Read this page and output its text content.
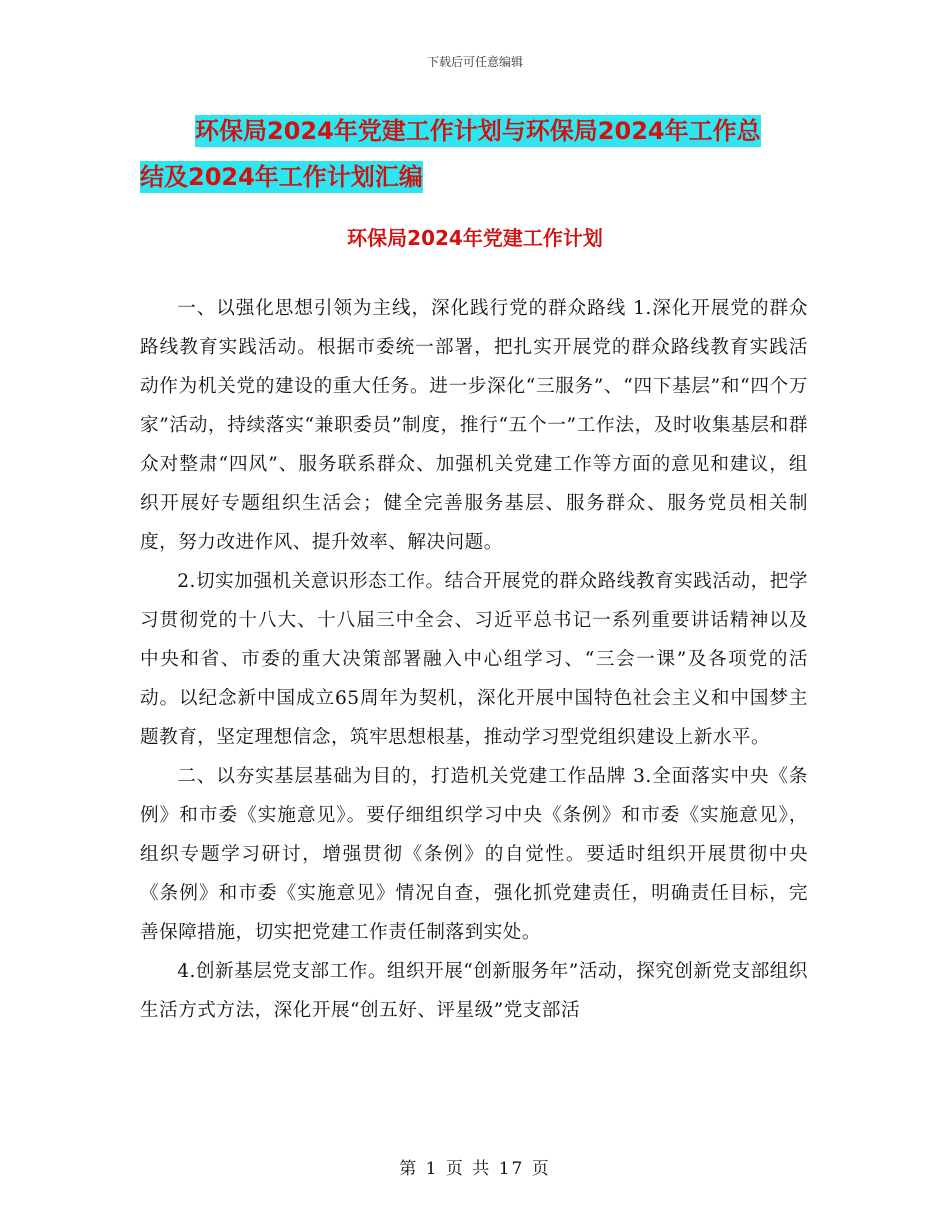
下载后可任意编辑
环保局2024年党建工作计划与环保局2024年工作总
结及2024年工作计划汇编
环保局2024年党建工作计划

一、以强化思想引领为主线，深化践行党的群众路线 1.深化开展党的群众路线教育实践活动。根据市委统一部署，把扎实开展党的群众路线教育实践活动作为机关党的建设的重大任务。进一步深化“三服务”、“四下基层”和“四个万家”活动，持续落实“兼职委员”制度，推行“五个一”工作法，及时收集基层和群众对整肃“四风”、服务联系群众、加强机关党建工作等方面的意见和建议，组织开展好专题组织生活会；健全完善服务基层、服务群众、服务党员相关制度，努力改进作风、提升效率、解决问题。

2.切实加强机关意识形态工作。结合开展党的群众路线教育实践活动，把学习贯彻党的十八大、十八届三中全会、习近平总书记一系列重要讲话精神以及中央和省、市委的重大决策部署融入中心组学习、“三会一课”及各项党的活动。以纪念新中国成立65周年为契机，深化开展中国特色社会主义和中国梦主题教育，坚定理想信念，筑牢思想根基，推动学习型党组织建设上新水平。

二、以夯实基层基础为目的，打造机关党建工作品牌 3.全面落实中央《条例》和市委《实施意见》。要仔细组织学习中央《条例》和市委《实施意见》，组织专题学习研讨，增强贯彻《条例》的自觉性。要适时组织开展贯彻中央《条例》和市委《实施意见》情况自查，强化抓党建责任，明确责任目标，完善保障措施，切实把党建工作责任制落到实处。

4.创新基层党支部工作。组织开展“创新服务年”活动，探究创新党支部组织生活方式方法，深化开展“创五好、评星级”党支部活

第 1 页 共 17 页
